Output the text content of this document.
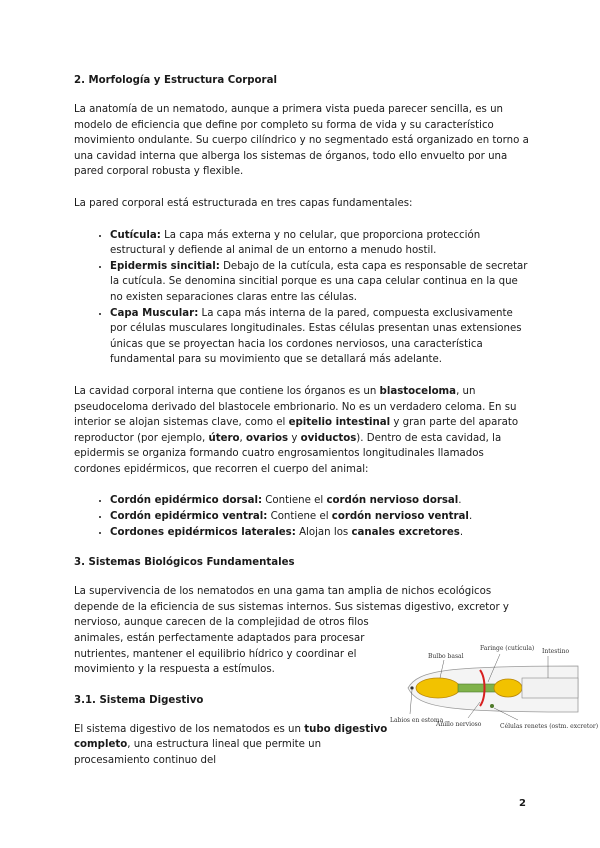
2. Morfología y Estructura Corporal

La anatomía de un nematodo, aunque a primera vista pueda parecer sencilla, es un modelo de eficiencia que define por completo su forma de vida y su característico movimiento ondulante. Su cuerpo cilíndrico y no segmentado está organizado en torno a una cavidad interna que alberga los sistemas de órganos, todo ello envuelto por una pared corporal robusta y flexible.

La pared corporal está estructurada en tres capas fundamentales:

• Cutícula: La capa más externa y no celular, que proporciona protección estructural y defiende al animal de un entorno a menudo hostil.
• Epidermis sincitial: Debajo de la cutícula, esta capa es responsable de secretar la cutícula. Se denomina sincitial porque es una capa celular continua en la que no existen separaciones claras entre las células.
• Capa Muscular: La capa más interna de la pared, compuesta exclusivamente por células musculares longitudinales. Estas células presentan unas extensiones únicas que se proyectan hacia los cordones nerviosos, una característica fundamental para su movimiento que se detallará más adelante.

La cavidad corporal interna que contiene los órganos es un blastoceloma, un pseudoceloma derivado del blastocele embrionario. No es un verdadero celoma. En su interior se alojan sistemas clave, como el epitelio intestinal y gran parte del aparato reproductor (por ejemplo, útero, ovarios y oviductos). Dentro de esta cavidad, la epidermis se organiza formando cuatro engrosamientos longitudinales llamados cordones epidérmicos, que recorren el cuerpo del animal:

• Cordón epidérmico dorsal: Contiene el cordón nervioso dorsal.
• Cordón epidérmico ventral: Contiene el cordón nervioso ventral.
• Cordones epidérmicos laterales: Alojan los canales excretores.
3. Sistemas Biológicos Fundamentales

La supervivencia de los nematodos en una gama tan amplia de nichos ecológicos depende de la eficiencia de sus sistemas internos. Sus sistemas digestivo, excretor y

nervioso, aunque carecen de la complejidad de otros filos animales, están perfectamente adaptados para procesar nutrientes, mantener el equilibrio hídrico y coordinar el movimiento y la respuesta a estímulos.

3.1. Sistema Digestivo

El sistema digestivo de los nematodos es un tubo digestivo completo, una estructura lineal que permite un procesamiento continuo del

Bulbo basal
Faringe (cutícula) Intestino
Labios en estoma
Anillo nervioso	Células renetes (ostm. excretor)
2
